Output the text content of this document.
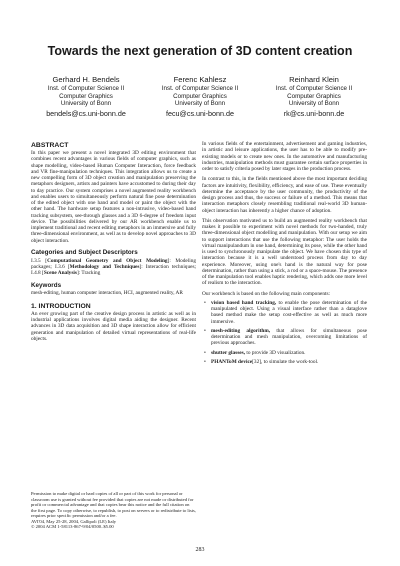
Towards the next generation of 3D content creation
Gerhard H. Bendels
Inst. of Computer Science II
Computer Graphics
University of Bonn
bendels@cs.uni-bonn.de
Ferenc Kahlesz
Inst. of Computer Science II
Computer Graphics
University of Bonn
fecu@cs.uni-bonn.de
Reinhard Klein
Inst. of Computer Science II
Computer Graphics
University of Bonn
rk@cs.uni-bonn.de
ABSTRACT

In this paper we present a novel integrated 3D editing environment that combines recent advantages in various fields of computer graphics, such as shape modelling, video-based Human Computer Interaction, force feedback and VR fine-manipulation techniques. This integration allows us to create a new compelling form of 3D object creation and manipulation preserving the metaphors designers, artists and painters have accustomed to during their day to day practice. Our system comprises a novel augmented reality workbench and enables users to simultaneously perform natural fine pose determination of the edited object with one hand and model or paint the object with the other hand. The hardware setup features a non-intrusive, video-based hand tracking subsystem, see-through glasses and a 3D 6-degree of freedom input device. The possibilities delivered by our AR workbench enable us to implement traditional and recent editing metaphors in an immersive and fully three-dimensional environment, as well as to develop novel approaches to 3D object interaction.

Categories and Subject Descriptors

I.3.5 [Computational Geometry and Object Modeling]: Modeling packages; I.3.6 [Methodology and Techniques]: Interaction techniques; I.4.8 [Scene Analysis]: Tracking

Keywords

mesh-editing, human computer interaction, HCI, augmented reality, AR

1. INTRODUCTION

An ever growing part of the creative design process in artistic as well as in industrial applications involves digital media aiding the designer. Recent advances in 3D data acquisition and 3D shape interaction allow for efficient generation and manipulation of detailed virtual representations of real-life objects.

Permission to make digital or hard copies of all or part of this work for personal or classroom use is granted without fee provided that copies are not made or distributed for profit or commercial advantage and that copies bear this notice and the full citation on the first page. To copy otherwise, to republish, to post on servers or to redistribute to lists, requires prior specific permission and/or a fee.

AVI'04, May 25-28, 2004, Gallipoli (LE) Italy

© 2004 ACM 1-58113-867-9/04/0500..$5.00

In various fields of the entertainment, advertisement and gaming industries, in artistic and leisure applications, the user has to be able to modify pre-existing models or to create new ones. In the automotive and manufacturing industries, manipulation methods must guarantee certain surface properties in order to satisfy criteria posed by later stages in the production process.

In contrast to this, in the fields mentioned above the most important deciding factors are intuitivity, flexibility, efficiency, and ease of use. These eventually determine the acceptance by the user community, the productivity of the design process and thus, the success or failure of a method. This means that interaction metaphors closely resembling traditional real-world 3D human-object interaction has inherently a higher chance of adoption.

This observation motivated us to build an augmented reality workbench that makes it possible to experiment with novel methods for two-handed, truly three-dimensional object modelling and manipulation. With our setup we aim to support interactions that use the following metaphor: The user holds the virtual manipulandum in one hand, determining its pose, while the other hand is used to synchronously manipulate the object. We have chosen this type of interaction because it is a well understood process from day to day experience. Moreover, using one's hand is the natural way for pose determination, rather than using a stick, a rod or a space-mouse. The presence of the manipulation tool enables haptic rendering, which adds one more level of realism to the interaction.

Our workbench is based on the following main components:

• vision based hand tracking, to enable the pose determination of the manipulated object. Using a visual interface rather than a dataglove based method make the setup cost-effective as well as much more immersive.
• mesh-editing algorithm, that allows for simultaneous pose determination and mesh manipulation, overcoming limitations of previous approaches.
• shutter glasses, to provide 3D visualization.
• PHANToM device[32], to simulate the work-tool.
283
